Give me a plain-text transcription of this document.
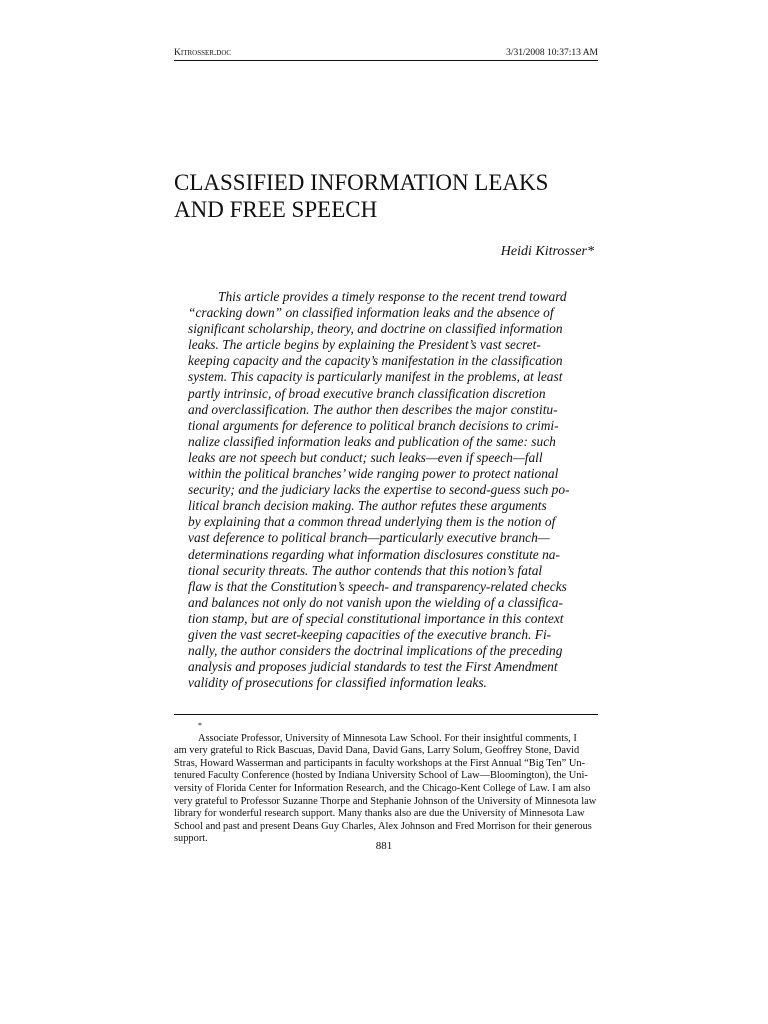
Kitrosser.doc	3/31/2008 10:37:13 AM
CLASSIFIED INFORMATION LEAKS
AND FREE SPEECH
Heidi Kitrosser*

This article provides a timely response to the recent trend toward
“cracking down” on classified information leaks and the absence of
significant scholarship, theory, and doctrine on classified information
leaks. The article begins by explaining the President’s vast secret-
keeping capacity and the capacity’s manifestation in the classification
system. This capacity is particularly manifest in the problems, at least
partly intrinsic, of broad executive branch classification discretion
and overclassification. The author then describes the major constitu-
tional arguments for deference to political branch decisions to crimi-
nalize classified information leaks and publication of the same: such
leaks are not speech but conduct; such leaks—even if speech—fall
within the political branches’ wide ranging power to protect national
security; and the judiciary lacks the expertise to second-guess such po-
litical branch decision making. The author refutes these arguments
by explaining that a common thread underlying them is the notion of
vast deference to political branch—particularly executive branch—
determinations regarding what information disclosures constitute na-
tional security threats. The author contends that this notion’s fatal
flaw is that the Constitution’s speech- and transparency-related checks
and balances not only do not vanish upon the wielding of a classifica-
tion stamp, but are of special constitutional importance in this context
given the vast secret-keeping capacities of the executive branch. Fi-
nally, the author considers the doctrinal implications of the preceding
analysis and proposes judicial standards to test the First Amendment
validity of prosecutions for classified information leaks.

*
Associate Professor, University of Minnesota Law School. For their insightful comments, I
am very grateful to Rick Bascuas, David Dana, David Gans, Larry Solum, Geoffrey Stone, David
Stras, Howard Wasserman and participants in faculty workshops at the First Annual “Big Ten” Un-
tenured Faculty Conference (hosted by Indiana University School of Law—Bloomington), the Uni-
versity of Florida Center for Information Research, and the Chicago-Kent College of Law. I am also
very grateful to Professor Suzanne Thorpe and Stephanie Johnson of the University of Minnesota law
library for wonderful research support. Many thanks also are due the University of Minnesota Law
School and past and present Deans Guy Charles, Alex Johnson and Fred Morrison for their generous
support.

881
